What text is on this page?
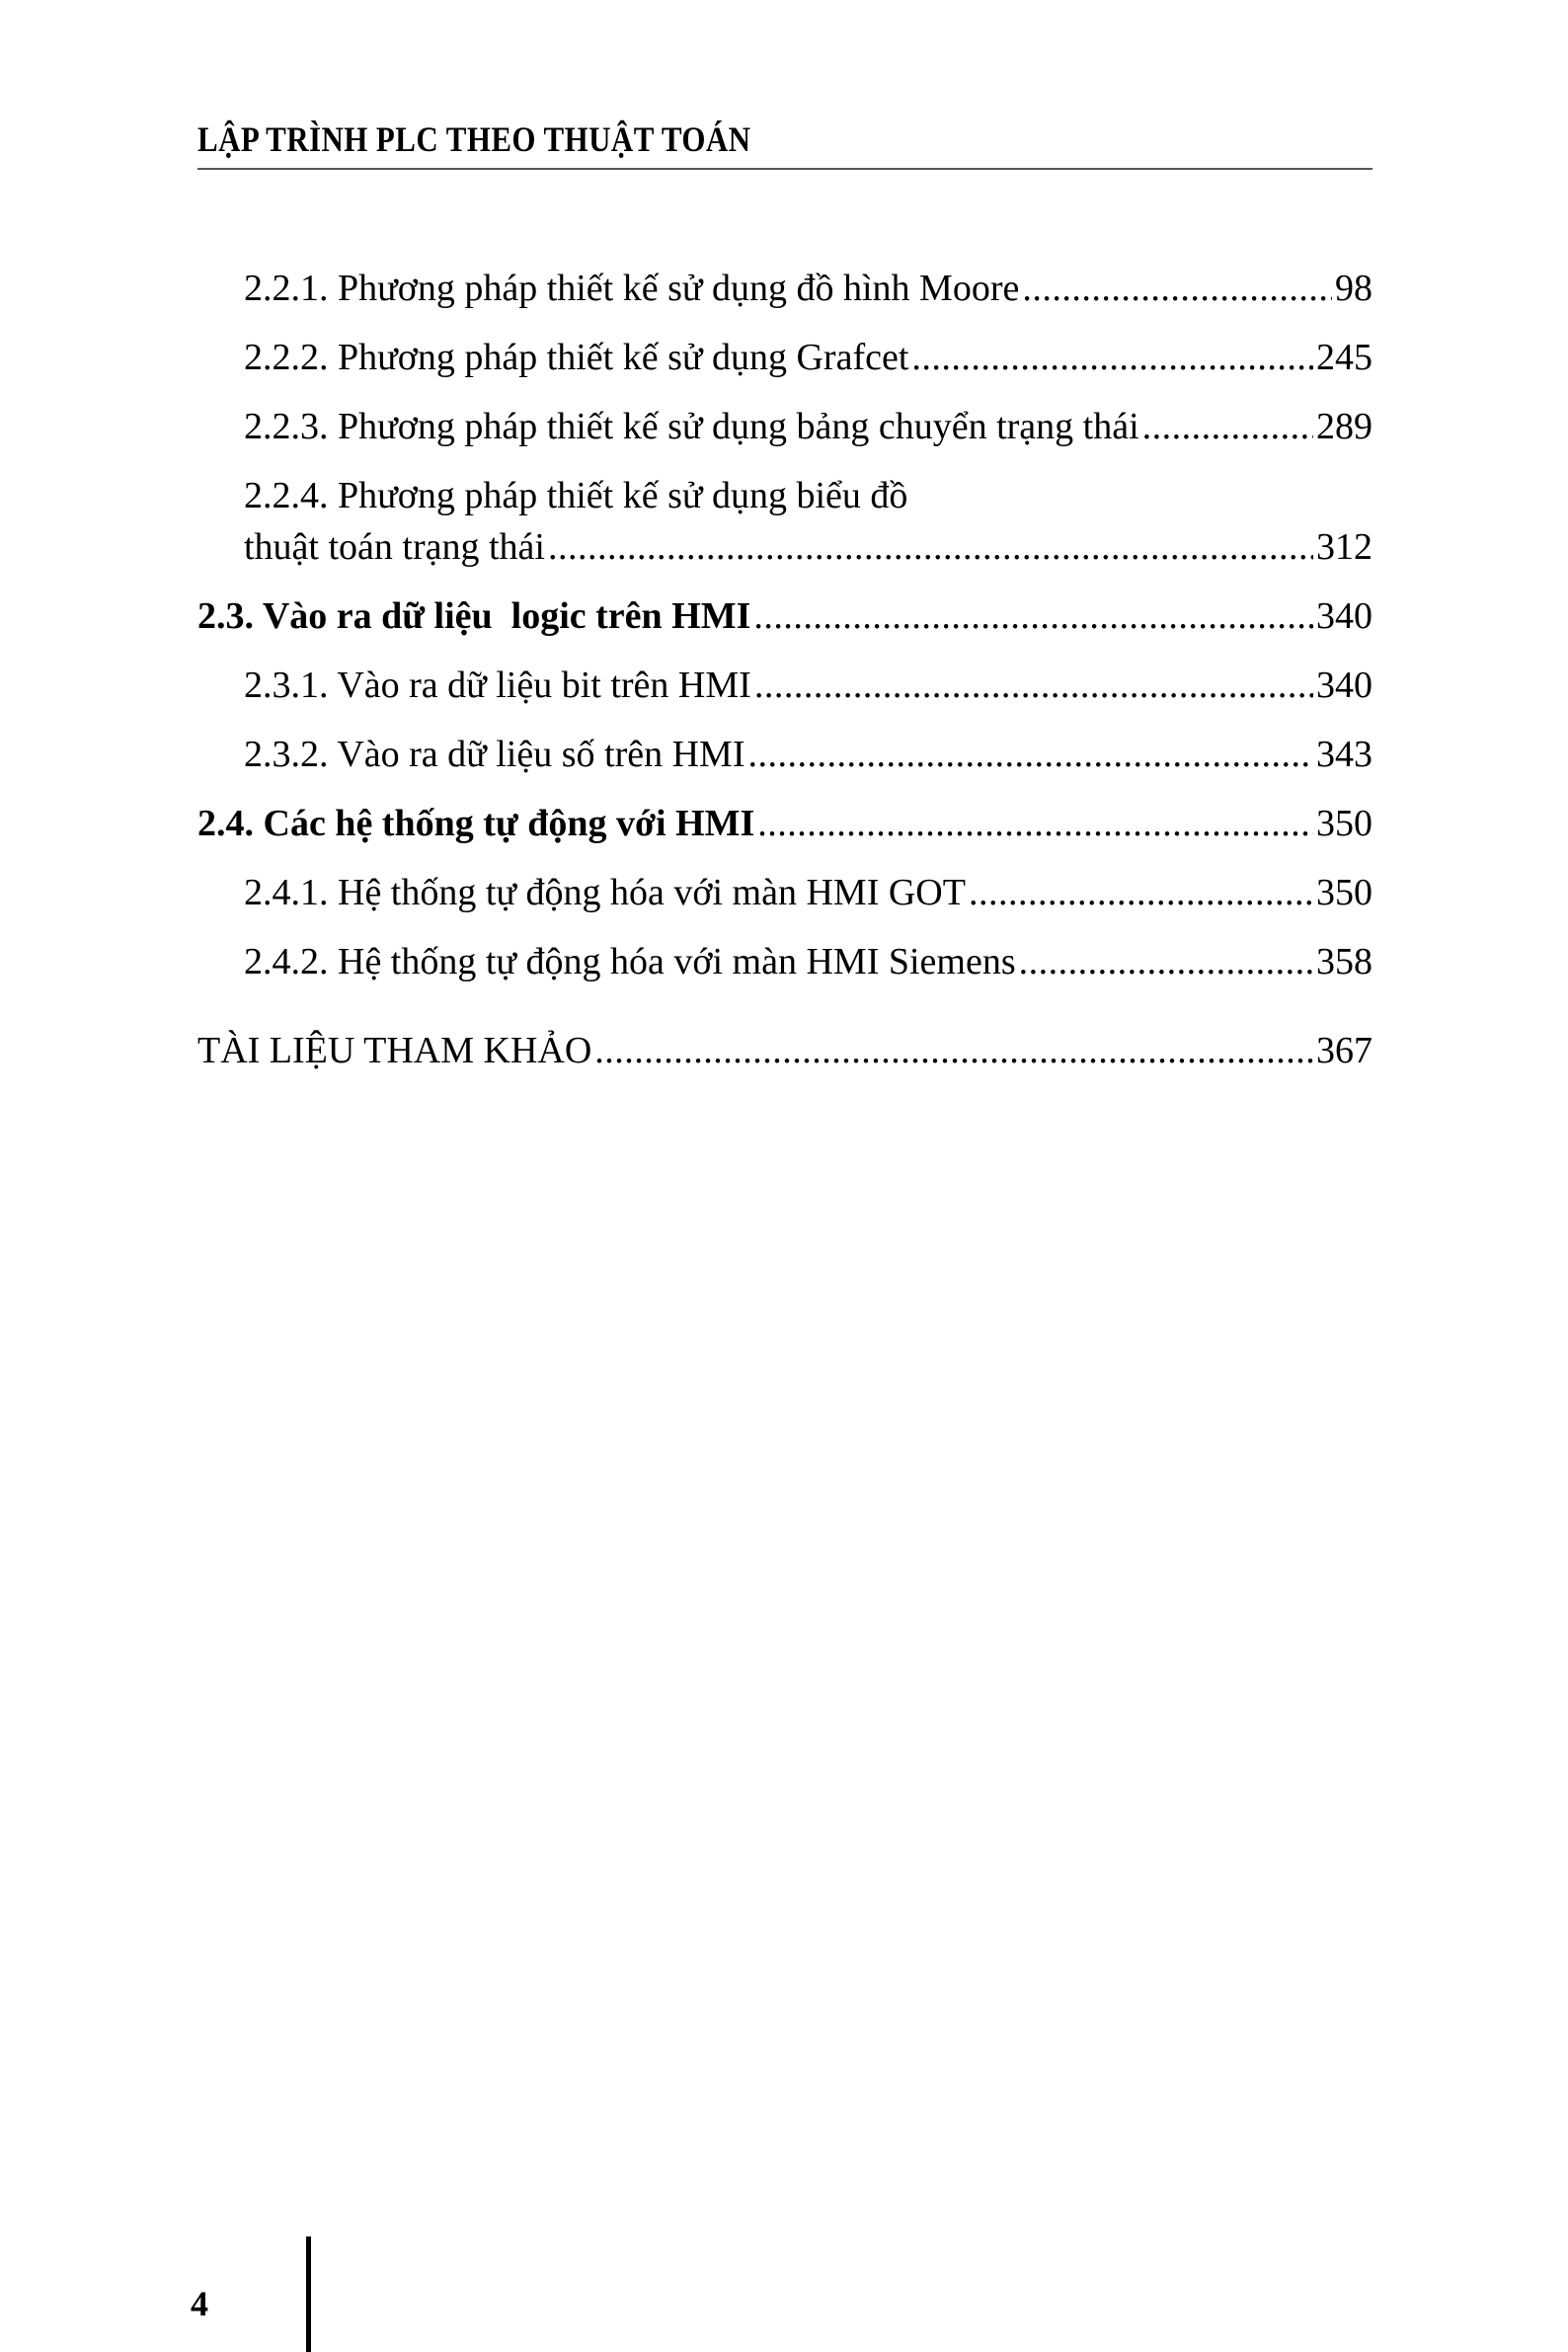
LẬP TRÌNH PLC THEO THUẬT TOÁN
2.2.1. Phương pháp thiết kế sử dụng đồ hình Moore .....	98
2.2.2. Phương pháp thiết kế sử dụng Grafcet .....	245
2.2.3. Phương pháp thiết kế sử dụng bảng chuyển trạng thái .....	289
2.2.4. Phương pháp thiết kế sử dụng biểu đồ
thuật toán trạng thái .....	312
2.3. Vào ra dữ liệu  logic trên HMI .....	340
2.3.1. Vào ra dữ liệu bit trên HMI .....	340
2.3.2. Vào ra dữ liệu số trên HMI .....	343
2.4. Các hệ thống tự động với HMI .....	350
2.4.1. Hệ thống tự động hóa với màn HMI GOT .....	350
2.4.2. Hệ thống tự động hóa với màn HMI Siemens .....	358
TÀI LIỆU THAM KHẢO .....	367
4
